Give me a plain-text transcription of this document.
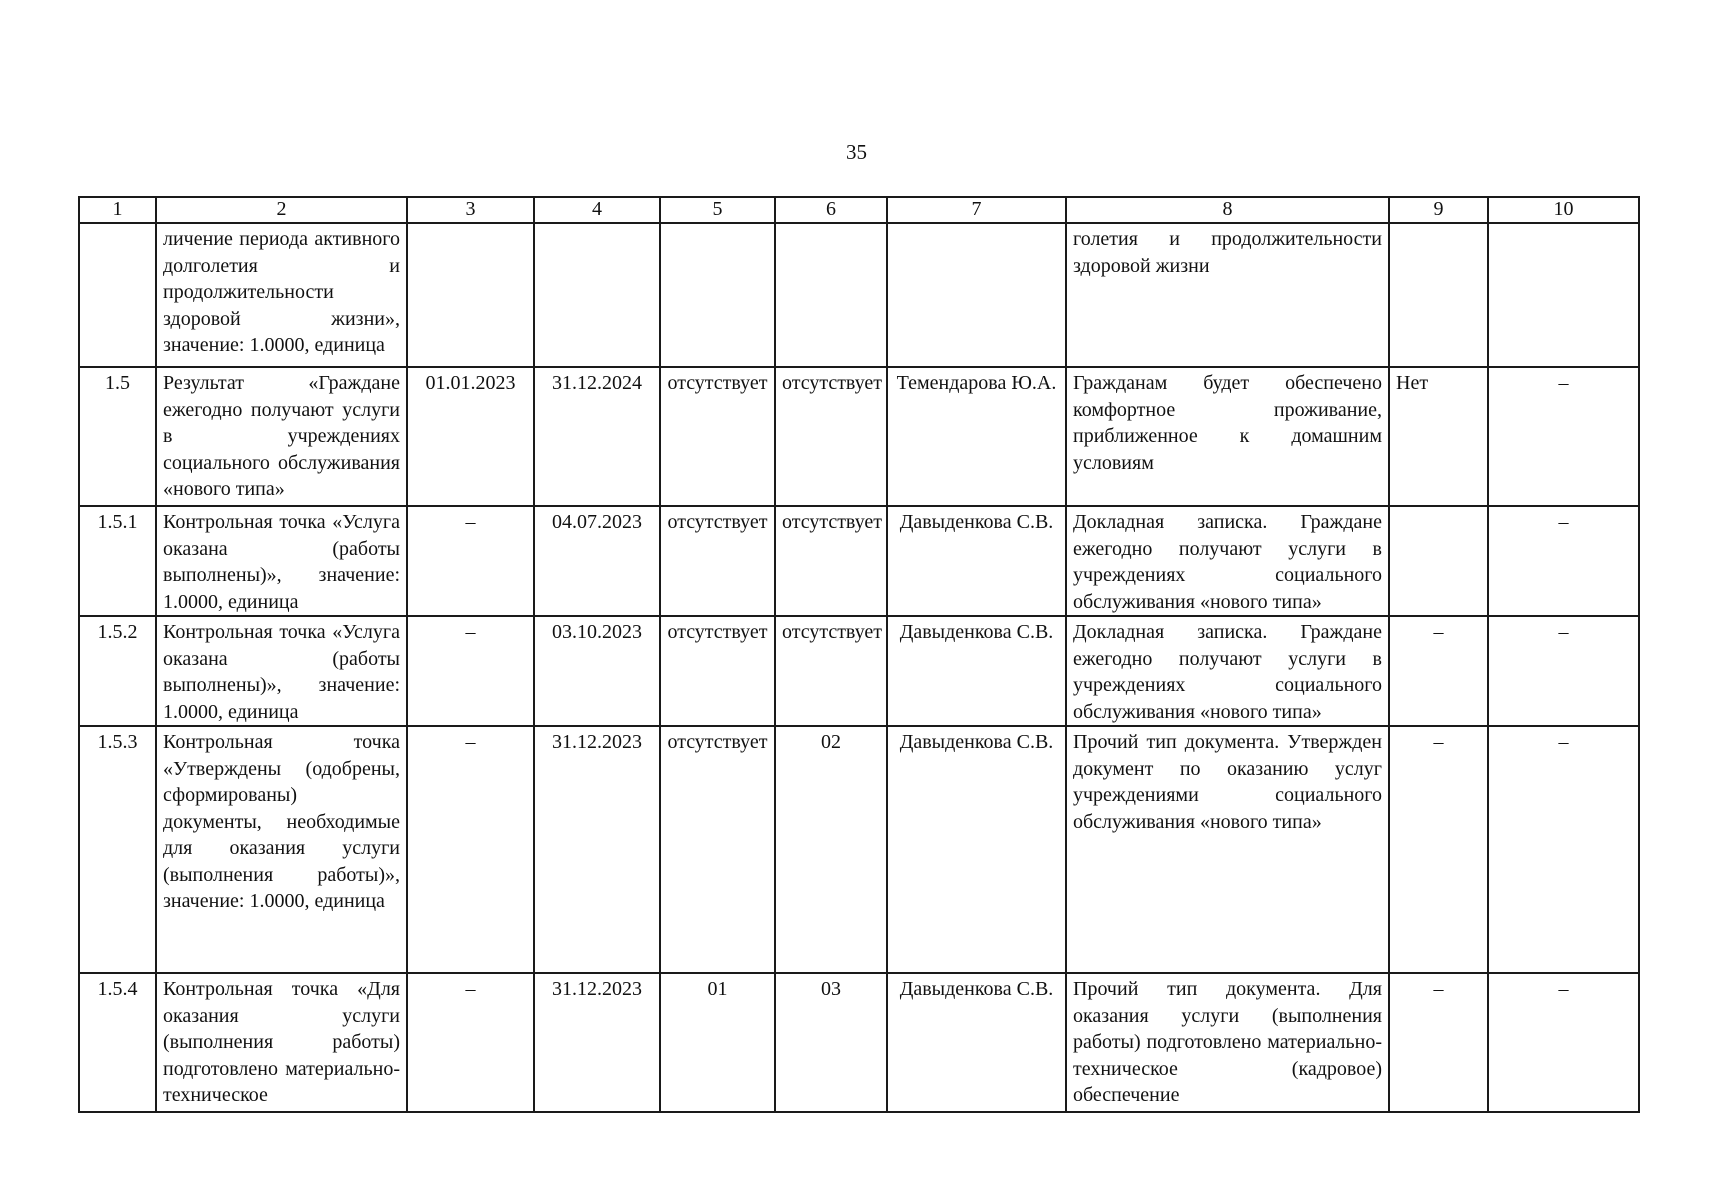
35
1	2	3	4	5	6	7	8	9	10
	личение периода активного долголетия и продолжительности здоровой жизни», значение: 1.0000, единица						голетия и продолжительности здоровой жизни		
1.5	Результат «Граждане ежегодно получают услуги в учреждениях социального обслуживания «нового типа»	01.01.2023	31.12.2024	отсутствует	отсутствует	Темендарова Ю.А.	Гражданам будет обеспечено комфортное проживание, приближенное к домашним условиям	Нет	–
1.5.1	Контрольная точка «Услуга оказана (работы выполнены)», значение: 1.0000, единица	–	04.07.2023	отсутствует	отсутствует	Давыденкова С.В.	Докладная записка. Граждане ежегодно получают услуги в учреждениях социального обслуживания «нового типа»		–
1.5.2	Контрольная точка «Услуга оказана (работы выполнены)», значение: 1.0000, единица	–	03.10.2023	отсутствует	отсутствует	Давыденкова С.В.	Докладная записка. Граждане ежегодно получают услуги в учреждениях социального обслуживания «нового типа»	–	–
1.5.3	Контрольная точка «Утверждены (одобрены, сформированы) документы, необходимые для оказания услуги (выполнения работы)», значение: 1.0000, единица	–	31.12.2023	отсутствует	02	Давыденкова С.В.	Прочий тип документа. Утвержден документ по оказанию услуг учреждениями социального обслуживания «нового типа»	–	–
1.5.4	Контрольная точка «Для оказания услуги (выполнения работы) подготовлено материально-техническое	–	31.12.2023	01	03	Давыденкова С.В.	Прочий тип документа. Для оказания услуги (выполнения работы) подготовлено материально-техническое (кадровое) обеспечение	–	–
